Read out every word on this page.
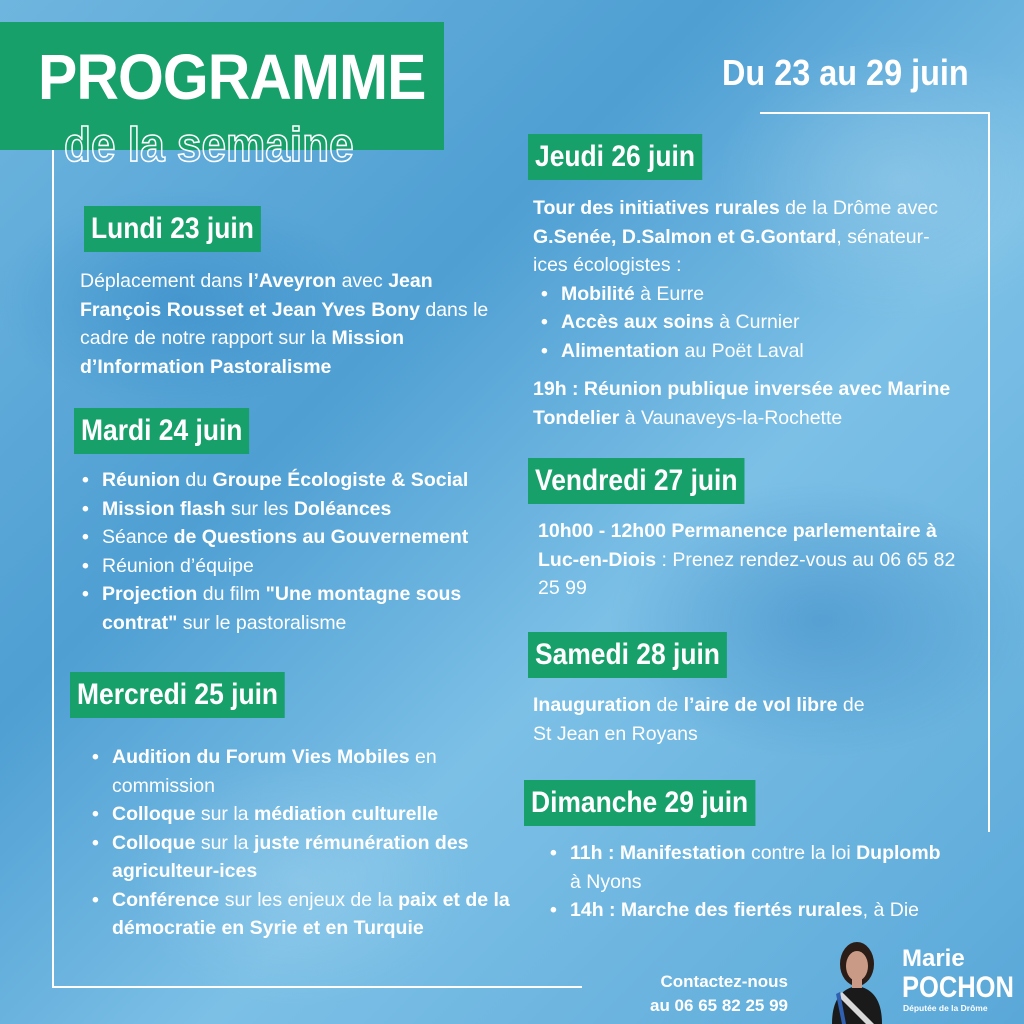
PROGRAMME
de la semaine
Du 23 au 29 juin
Lundi 23 juin
Déplacement dans l’Aveyron avec Jean François Rousset et Jean Yves Bony dans le cadre de notre rapport sur la Mission d’Information Pastoralisme
Mardi 24 juin
• Réunion du Groupe Écologiste & Social
• Mission flash sur les Doléances
• Séance de Questions au Gouvernement
• Réunion d’équipe
• Projection du film "Une montagne sous contrat" sur le pastoralisme
Mercredi 25 juin
• Audition du Forum Vies Mobiles en commission
• Colloque sur la médiation culturelle
• Colloque sur la juste rémunération des agriculteur-ices
• Conférence sur les enjeux de la paix et de la démocratie en Syrie et en Turquie
Jeudi 26 juin
Tour des initiatives rurales de la Drôme avec G.Senée, D.Salmon et G.Gontard, sénateur-ices écologistes :
• Mobilité à Eurre
• Accès aux soins à Curnier
• Alimentation au Poët Laval
19h : Réunion publique inversée avec Marine Tondelier à Vaunaveys-la-Rochette
Vendredi 27 juin
10h00 - 12h00 Permanence parlementaire à Luc-en-Diois : Prenez rendez-vous au 06 65 82 25 99
Samedi 28 juin
Inauguration de l’aire de vol libre de St Jean en Royans
Dimanche 29 juin
• 11h : Manifestation contre la loi Duplomb à Nyons
• 14h : Marche des fiertés rurales, à Die
Contactez-nous
au 06 65 82 25 99
Marie
POCHON
Députée de la Drôme
